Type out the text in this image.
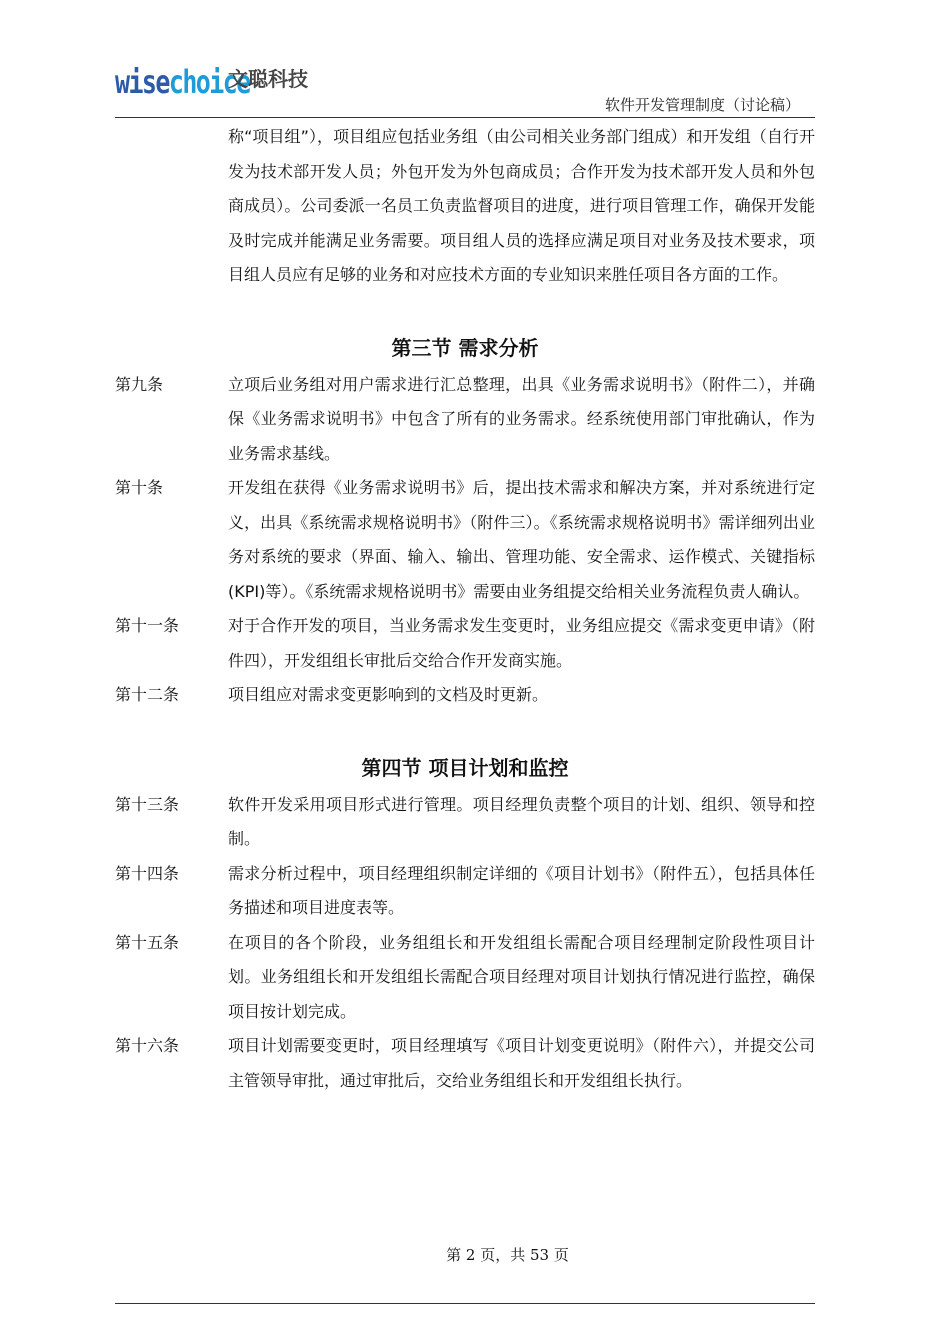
wisechoice
文聪科技
软件开发管理制度（讨论稿）

称“项目组”），项目组应包括业务组（由公司相关业务部门组成）和开发组（自行开发为技术部开发人员；外包开发为外包商成员；合作开发为技术部开发人员和外包商成员）。公司委派一名员工负责监督项目的进度，进行项目管理工作，确保开发能及时完成并能满足业务需要。项目组人员的选择应满足项目对业务及技术要求，项目组人员应有足够的业务和对应技术方面的专业知识来胜任项目各方面的工作。

第三节 需求分析
第九条	立项后业务组对用户需求进行汇总整理，出具《业务需求说明书》（附件二），并确保《业务需求说明书》中包含了所有的业务需求。经系统使用部门审批确认，作为业务需求基线。
第十条	开发组在获得《业务需求说明书》后，提出技术需求和解决方案，并对系统进行定义，出具《系统需求规格说明书》（附件三）。《系统需求规格说明书》需详细列出业务对系统的要求（界面、输入、输出、管理功能、安全需求、运作模式、关键指标(KPI)等）。《系统需求规格说明书》需要由业务组提交给相关业务流程负责人确认。
第十一条	对于合作开发的项目，当业务需求发生变更时，业务组应提交《需求变更申请》（附件四），开发组组长审批后交给合作开发商实施。
第十二条	项目组应对需求变更影响到的文档及时更新。
第四节 项目计划和监控
第十三条	软件开发采用项目形式进行管理。项目经理负责整个项目的计划、组织、领导和控制。
第十四条	需求分析过程中，项目经理组织制定详细的《项目计划书》（附件五），包括具体任务描述和项目进度表等。
第十五条	在项目的各个阶段，业务组组长和开发组组长需配合项目经理制定阶段性项目计划。业务组组长和开发组组长需配合项目经理对项目计划执行情况进行监控，确保项目按计划完成。
第十六条	项目计划需要变更时，项目经理填写《项目计划变更说明》（附件六），并提交公司主管领导审批，通过审批后，交给业务组组长和开发组组长执行。
第 2 页，共 53 页
